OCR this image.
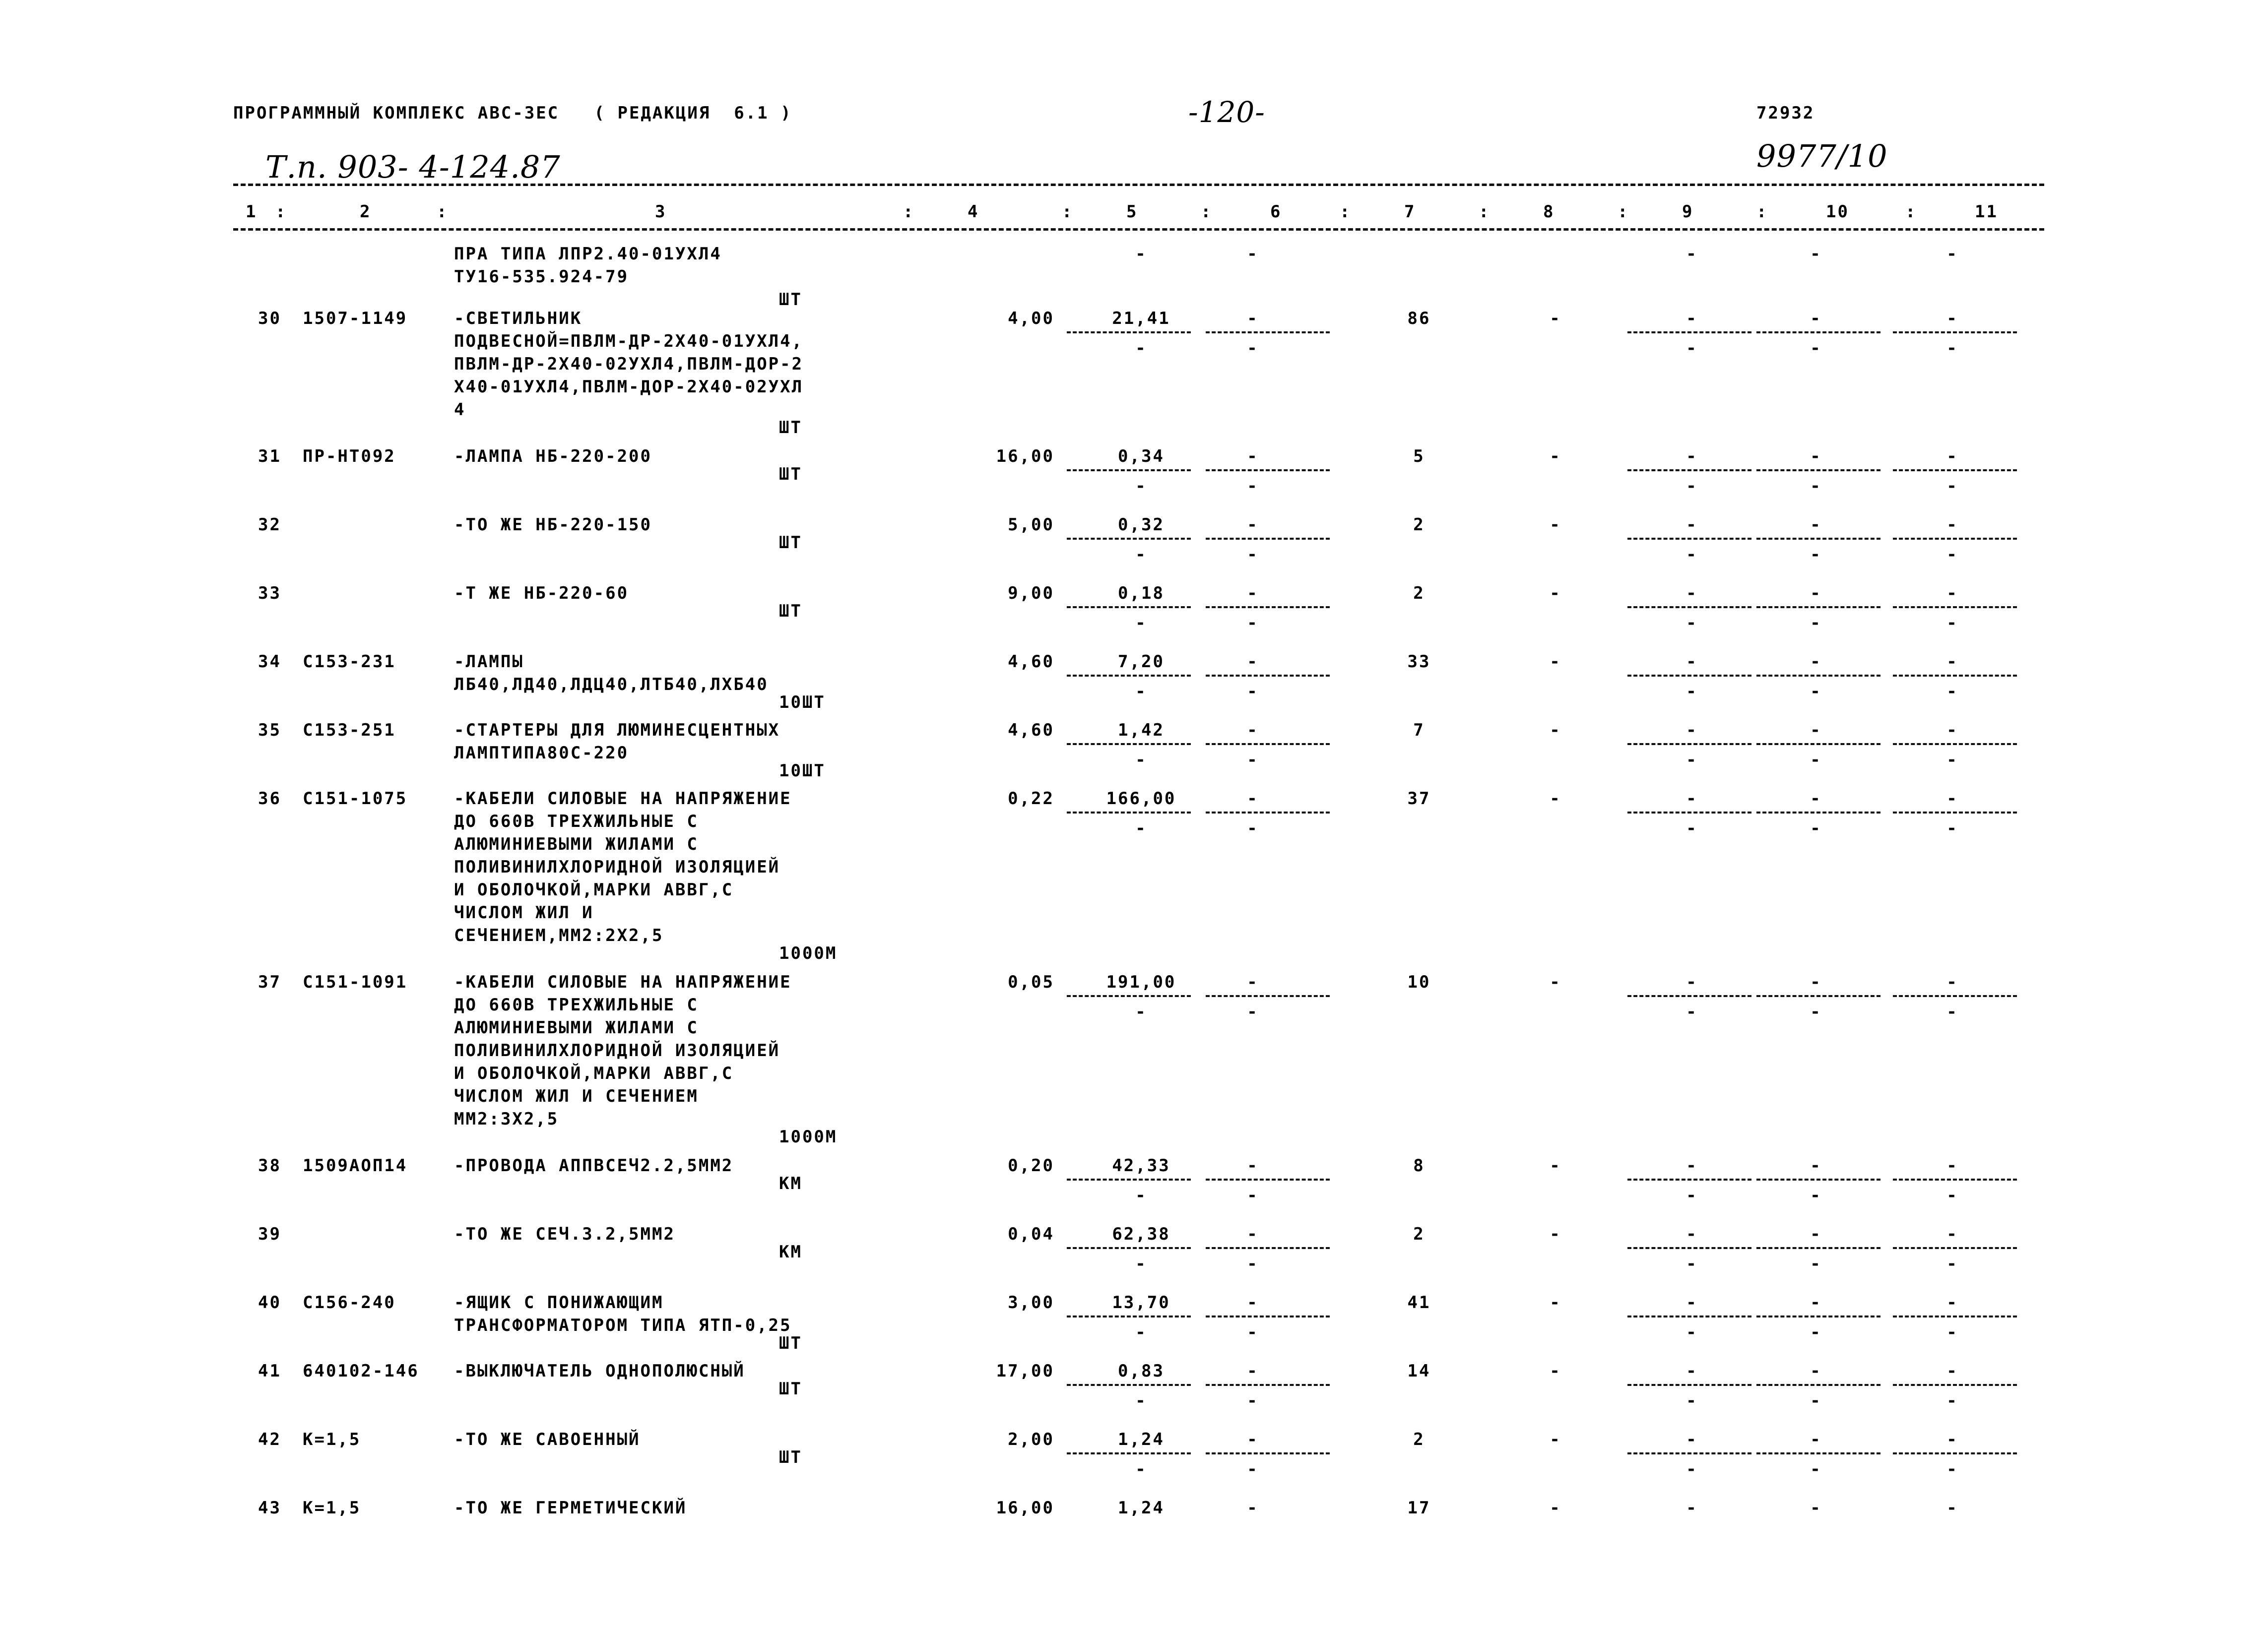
ПРОГРАММНЫЙ КОМПЛЕКС АВС-ЗЕС   ( РЕДАКЦИЯ  6.1 )	-120-	72932
Т.п. 903- 4-124.87	9977/10
1 :	2	:	3	:	4	:	5	:	6	:	7	:	8	:	9	:	10	:	11
ПРА ТИПА ЛПР2.40-01УХЛ4
ТУ16-535.924-79
-	-	-	-	-
ШТ
30 1507-1149	-СВЕТИЛЬНИК
ПОДВЕСНОЙ=ПВЛМ-ДР-2Х40-01УХЛ4,
ПВЛМ-ДР-2Х40-02УХЛ4,ПВЛМ-ДОР-2
Х40-01УХЛ4,ПВЛМ-ДОР-2Х40-02УХЛ
4
ШТ
4,00	21,41	-	86	-	-	-	-
-	-	-	-	-
31 ПР-НТ092	-ЛАМПА НБ-220-200
ШТ
16,00	0,34	-	5	-	-	-	-
-	-	-	-	-
32	-ТО ЖЕ НБ-220-150
ШТ
5,00	0,32	-	2	-	-	-	-
-	-	-	-	-
33	-Т ЖЕ НБ-220-60
ШТ
9,00	0,18	-	2	-	-	-	-
-	-	-	-	-
34 С153-231	-ЛАМПЫ
ЛБ40,ЛД40,ЛДЦ40,ЛТБ40,ЛХБ40
10ШТ
4,60	7,20	-	33	-	-	-	-
-	-	-	-	-
35 С153-251	-СТАРТЕРЫ ДЛЯ ЛЮМИНЕСЦЕНТНЫХ
ЛАМПТИПА80С-220
10ШТ
4,60	1,42	-	7	-	-	-	-
-	-	-	-	-
36 С151-1075	-КАБЕЛИ СИЛОВЫЕ НА НАПРЯЖЕНИЕ
ДО 660В ТРЕХЖИЛЬНЫЕ С
АЛЮМИНИЕВЫМИ ЖИЛАМИ С
ПОЛИВИНИЛХЛОРИДНОЙ ИЗОЛЯЦИЕЙ
И ОБОЛОЧКОЙ,МАРКИ АВВГ,С
ЧИСЛОМ ЖИЛ И
СЕЧЕНИЕМ,ММ2:2Х2,5
1000М
0,22	166,00	-	37	-	-	-	-
-	-	-	-	-
37 С151-1091	-КАБЕЛИ СИЛОВЫЕ НА НАПРЯЖЕНИЕ
ДО 660В ТРЕХЖИЛЬНЫЕ С
АЛЮМИНИЕВЫМИ ЖИЛАМИ С
ПОЛИВИНИЛХЛОРИДНОЙ ИЗОЛЯЦИЕЙ
И ОБОЛОЧКОЙ,МАРКИ АВВГ,С
ЧИСЛОМ ЖИЛ И СЕЧЕНИЕМ
ММ2:3Х2,5
1000М
0,05	191,00	-	10	-	-	-	-
-	-	-	-	-
38 1509АОП14	-ПРОВОДА АППВСЕЧ2.2,5ММ2
КМ
0,20	42,33	-	8	-	-	-	-
-	-	-	-	-
39	-ТО ЖЕ СЕЧ.3.2,5ММ2
КМ
0,04	62,38	-	2	-	-	-	-
-	-	-	-	-
40 С156-240	-ЯЩИК С ПОНИЖАЮЩИМ
ТРАНСФОРМАТОРОМ ТИПА ЯТП-0,25
ШТ
3,00	13,70	-	41	-	-	-	-
-	-	-	-	-
41 640102-146 -ВЫКЛЮЧАТЕЛЬ ОДНОПОЛЮСНЫЙ
ШТ
17,00	0,83	-	14	-	-	-	-
-	-	-	-	-
42 К=1,5	-ТО ЖЕ САВОЕННЫЙ
ШТ
2,00	1,24	-	2	-	-	-	-
-	-	-	-	-
43 К=1,5	-ТО ЖЕ ГЕРМЕТИЧЕСКИЙ	16,00	1,24	-	17	-	-	-	-
